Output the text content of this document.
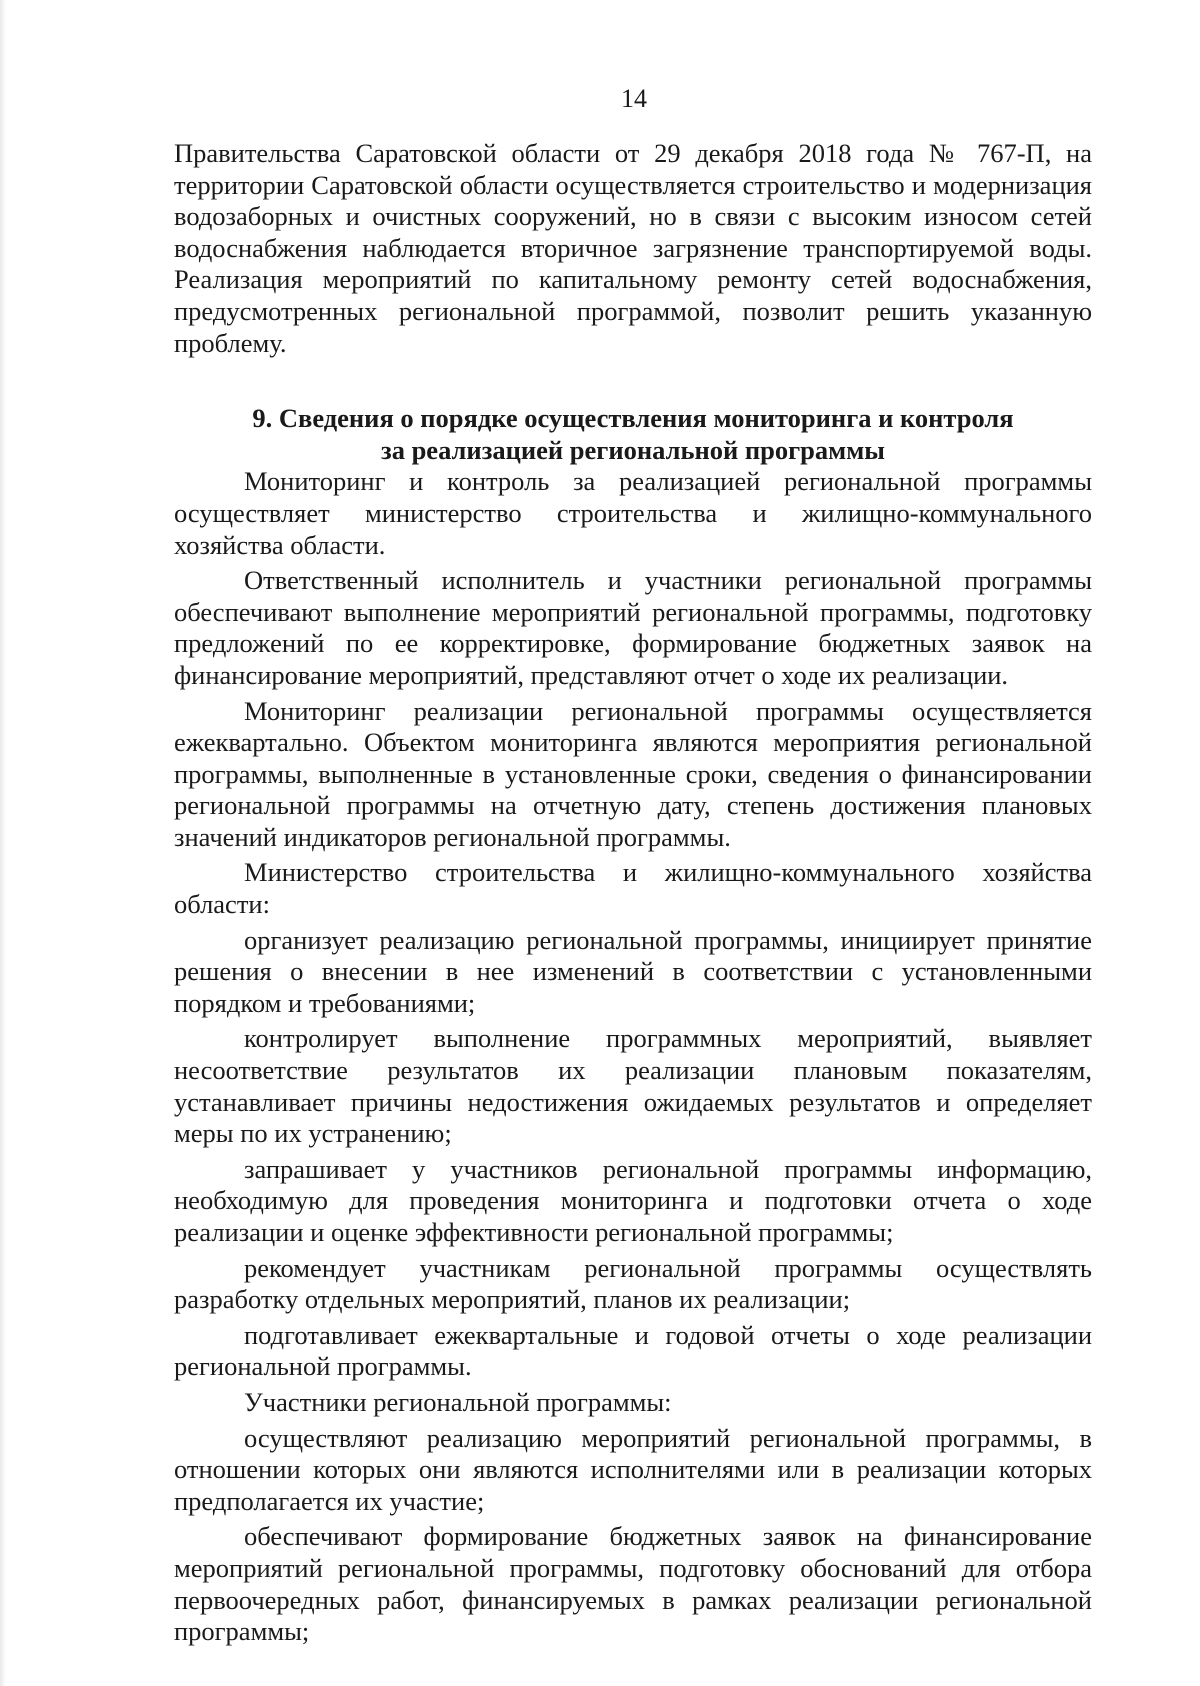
14

Правительства Саратовской области от 29 декабря 2018 года № 767-П, на территории Саратовской области осуществляется строительство и модернизация водозаборных и очистных сооружений, но в связи с высоким износом сетей водоснабжения наблюдается вторичное загрязнение транспортируемой воды. Реализация мероприятий по капитальному ремонту сетей водоснабжения, предусмотренных региональной программой, позволит решить указанную проблему.

9. Сведения о порядке осуществления мониторинга и контроля
за реализацией региональной программы

Мониторинг и контроль за реализацией региональной программы осуществляет министерство строительства и жилищно-коммунального хозяйства области.

Ответственный исполнитель и участники региональной программы обеспечивают выполнение мероприятий региональной программы, подготовку предложений по ее корректировке, формирование бюджетных заявок на финансирование мероприятий, представляют отчет о ходе их реализации.

Мониторинг реализации региональной программы осуществляется ежеквартально. Объектом мониторинга являются мероприятия региональной программы, выполненные в установленные сроки, сведения о финансировании региональной программы на отчетную дату, степень достижения плановых значений индикаторов региональной программы.

Министерство строительства и жилищно-коммунального хозяйства области:

организует реализацию региональной программы, инициирует принятие решения о внесении в нее изменений в соответствии с установленными порядком и требованиями;

контролирует выполнение программных мероприятий, выявляет несоответствие результатов их реализации плановым показателям, устанавливает причины недостижения ожидаемых результатов и определяет меры по их устранению;

запрашивает у участников региональной программы информацию, необходимую для проведения мониторинга и подготовки отчета о ходе реализации и оценке эффективности региональной программы;

рекомендует участникам региональной программы осуществлять разработку отдельных мероприятий, планов их реализации;

подготавливает ежеквартальные и годовой отчеты о ходе реализации региональной программы.

Участники региональной программы:

осуществляют реализацию мероприятий региональной программы, в отношении которых они являются исполнителями или в реализации которых предполагается их участие;

обеспечивают формирование бюджетных заявок на финансирование мероприятий региональной программы, подготовку обоснований для отбора первоочередных работ, финансируемых в рамках реализации региональной программы;
